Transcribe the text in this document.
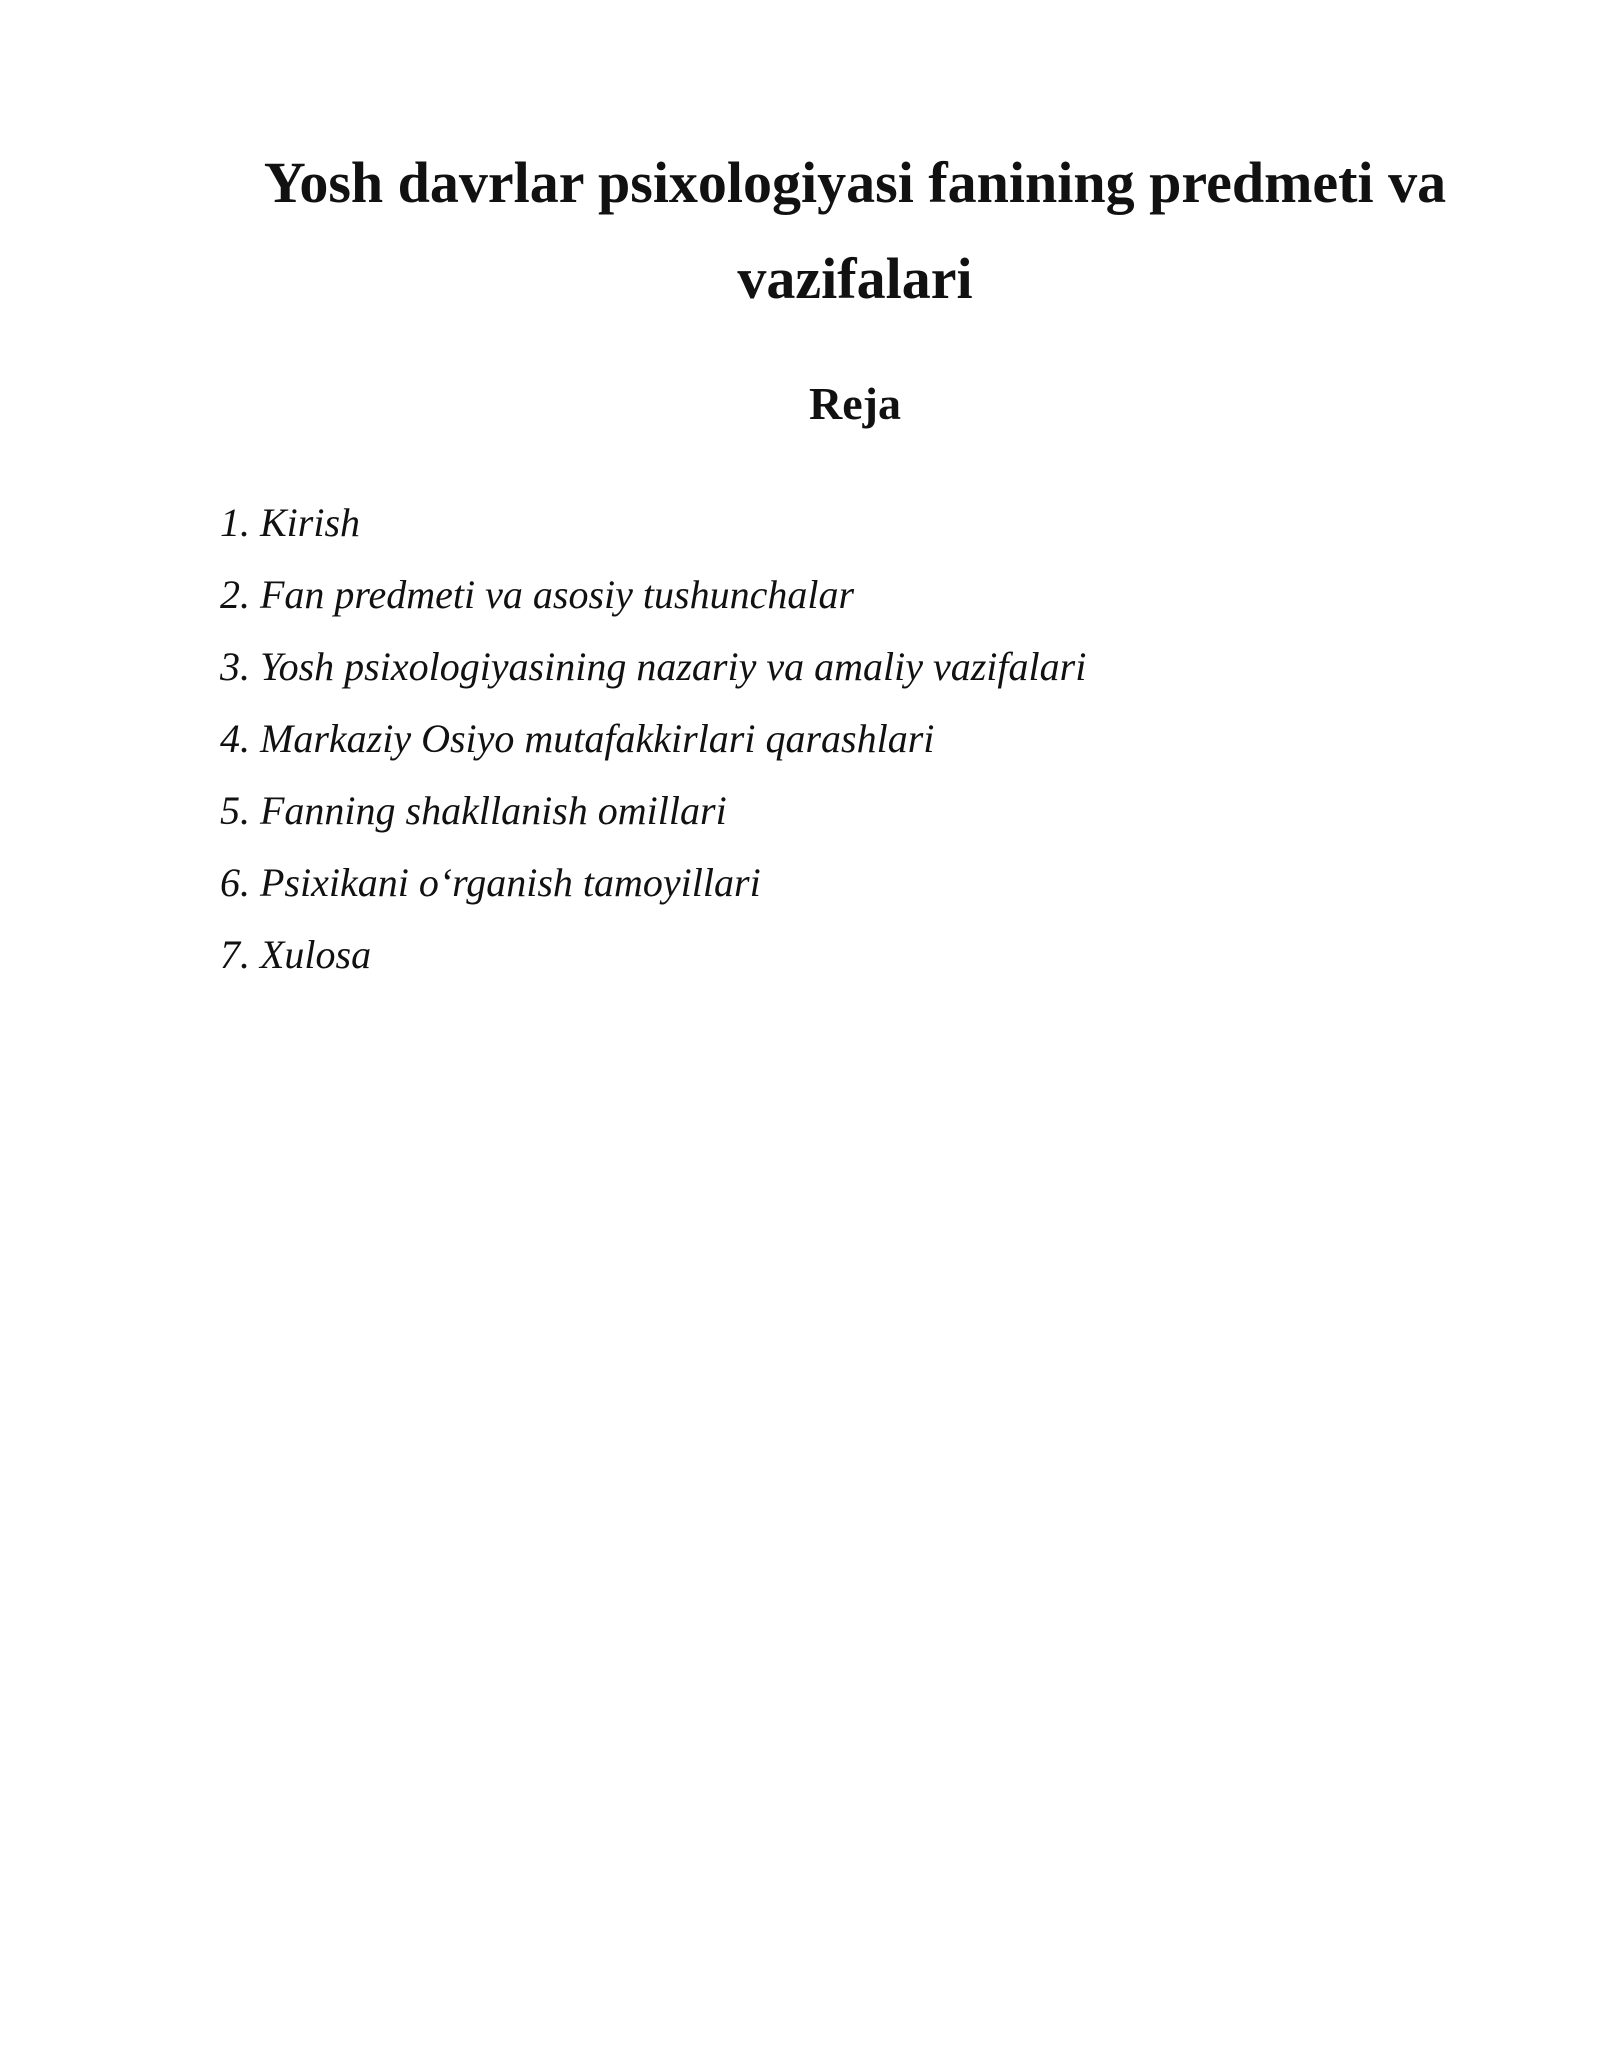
Yosh davrlar psixologiyasi fanining predmeti va vazifalari
Reja
1. Kirish
2. Fan predmeti va asosiy tushunchalar
3. Yosh psixologiyasining nazariy va amaliy vazifalari
4. Markaziy Osiyo mutafakkirlari qarashlari
5. Fanning shakllanish omillari
6. Psixikani o‘rganish tamoyillari
7. Xulosa
